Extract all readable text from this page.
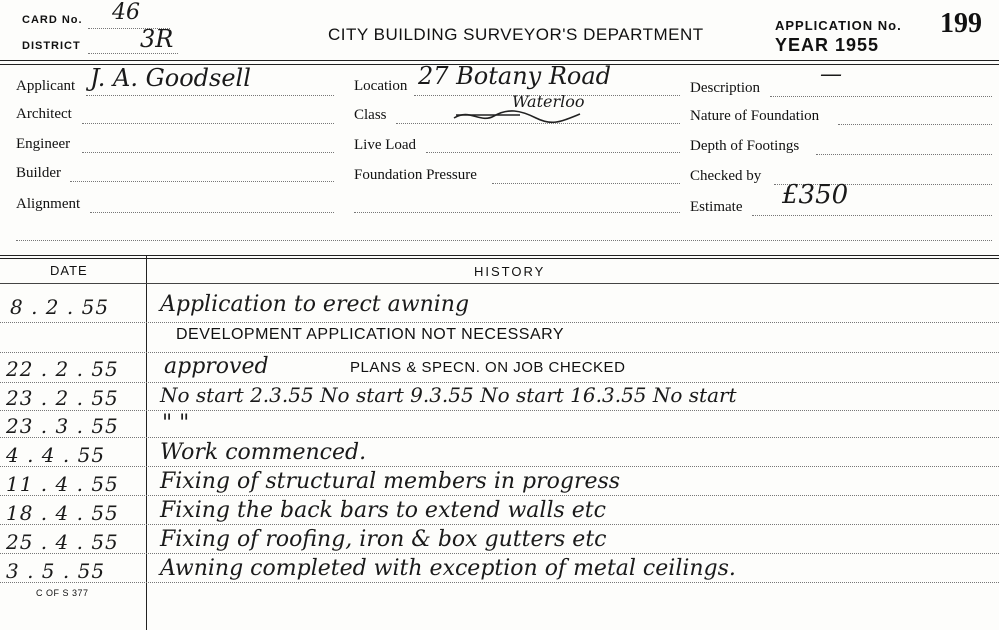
CARD No. 46
DISTRICT 3R	CITY BUILDING SURVEYOR'S DEPARTMENT	APPLICATION No. 199
YEAR 1955
Applicant J. A. Goodsell
Architect
Engineer
Builder
Alignment
Location 27 Botany Road
Waterloo
Class
Live Load
Foundation Pressure
Description
—
Nature of Foundation
Depth of Footings
Checked by
Estimate £350
DATE	HISTORY
8 . 2 . 55 Application to erect awning
DEVELOPMENT APPLICATION NOT NECESSARY
22 . 2 . 55 approved	PLANS & SPECN. ON JOB CHECKED
23 . 2 . 55 No start 2.3.55 No start 9.3.55 No start 16.3.55 No start
23 . 3 . 55 " "
4 . 4 . 55 Work commenced.
11 . 4 . 55 Fixing of structural members in progress
18 . 4 . 55 Fixing the back bars to extend walls etc
25 . 4 . 55 Fixing of roofing, iron & box gutters etc
3 . 5 . 55 Awning completed with exception of metal ceilings.
C OF S 377
